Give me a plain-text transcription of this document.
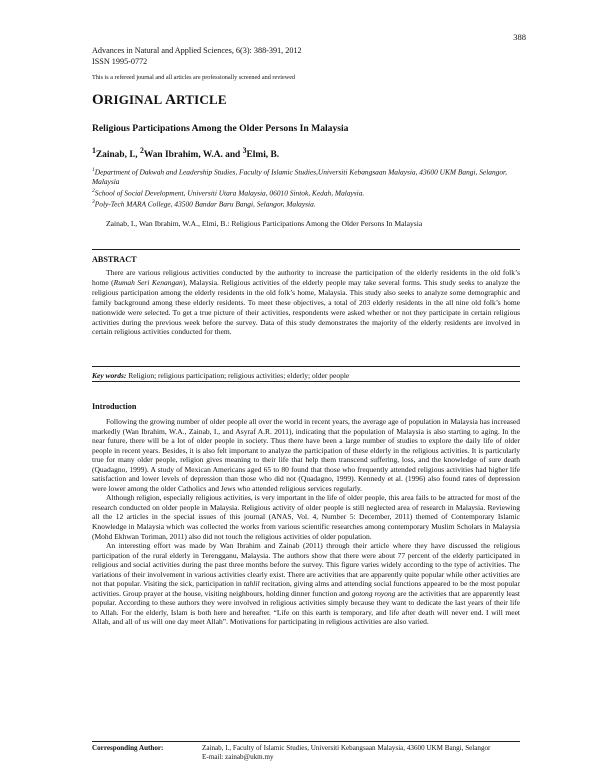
388
Advances in Natural and Applied Sciences, 6(3): 388-391, 2012
ISSN 1995-0772
This is a refereed journal and all articles are professionally screened and reviewed
ORIGINAL ARTICLE
Religious Participations Among the Older Persons In Malaysia
$^1$Zainab, I., $^2$Wan Ibrahim, W.A. and $^3$Elmi, B.
$^1$Department of Dakwah and Leadership Studies, Faculty of Islamic Studies,Universiti Kebangsaan Malaysia, 43600 UKM Bangi, Selangor, Malaysia
$^2$School of Social Development, Universiti Utara Malaysia, 06010 Sintok, Kedah, Malaysia.
$^3$Poly-Tech MARA College, 43500 Bandar Baru Bangi, Selangor, Malaysia.
Zainab, I., Wan Ibrahim, W.A., Elmi, B.: Religious Participations Among the Older Persons In Malaysia
ABSTRACT
There are various religious activities conducted by the authority to increase the participation of the elderly residents in the old folk’s home (Rumah Seri Kenangan), Malaysia. Religious activities of the elderly people may take several forms. This study seeks to analyze the religious participation among the elderly residents in the old folk’s home, Malaysia. This study also seeks to analyze some demographic and family background among these elderly residents. To meet these objectives, a total of 203 elderly residents in the all nine old folk’s home nationwide were selected. To get a true picture of their activities, respondents were asked whether or not they participate in certain religious activities during the previous week before the survey. Data of this study demonstrates the majority of the elderly residents are involved in certain religious activities conducted for them.
Key words: Religion; religious participation; religious activities; elderly; older people
Introduction

Following the growing number of older people all over the world in recent years, the average age of population in Malaysia has increased markedly (Wan Ibrahim, W.A., Zainab, I., and Asyraf A.R. 2011), indicating that the population of Malaysia is also starting to aging. In the near future, there will be a lot of older people in society. Thus there have been a large number of studies to explore the daily life of older people in recent years. Besides, it is also felt important to analyze the participation of these elderly in the religious activities. It is particularly true for many older people, religion gives meaning to their life that help them transcend suffering, loss, and the knowledge of sure death (Quadagno, 1999). A study of Mexican Americans aged 65 to 80 found that those who frequently attended religious activities had higher life satisfaction and lower levels of depression than those who did not (Quadagno, 1999). Kennedy et al. (1996) also found rates of depression were lower among the older Catholics and Jews who attended religious services regularly.

Although religion, especially religious activities, is very important in the life of older people, this area fails to be attracted for most of the research conducted on older people in Malaysia. Religious activity of older people is still neglected area of research in Malaysia. Reviewing all the 12 articles in the special issues of this journal (ANAS, Vol. 4, Number 5: December, 2011) themed of Contemporary Islamic Knowledge in Malaysia which was collected the works from various scientific researches among contemporary Muslim Scholars in Malaysia (Mohd Ekhwan Toriman, 2011) also did not touch the religious activities of older population.

An interesting effort was made by Wan Ibrahim and Zainab (2011) through their article where they have discussed the religious participation of the rural elderly in Terengganu, Malaysia. The authors show that there were about 77 percent of the elderly participated in religious and social activities during the past three months before the survey. This figure varies widely according to the type of activities. The variations of their involvement in various activities clearly exist. There are activities that are apparently quite popular while other activities are not that popular. Visiting the sick, participation in tahlil recitation, giving alms and attending social functions appeared to be the most popular activities. Group prayer at the house, visiting neighbours, holding dinner function and gotong royong are the activities that are apparently least popular. According to these authors they were involved in religious activities simply because they want to dedicate the last years of their life to Allah. For the elderly, Islam is both here and hereafter. “Life on this earth is temporary, and life after death will never end. I will meet Allah, and all of us will one day meet Allah”. Motivations for participating in religious activities are also varied.

Corresponding Author:	Zainab, I., Faculty of Islamic Studies, Universiti Kebangsaan Malaysia, 43600 UKM Bangi, Selangor
E-mail: zainab@ukm.my
